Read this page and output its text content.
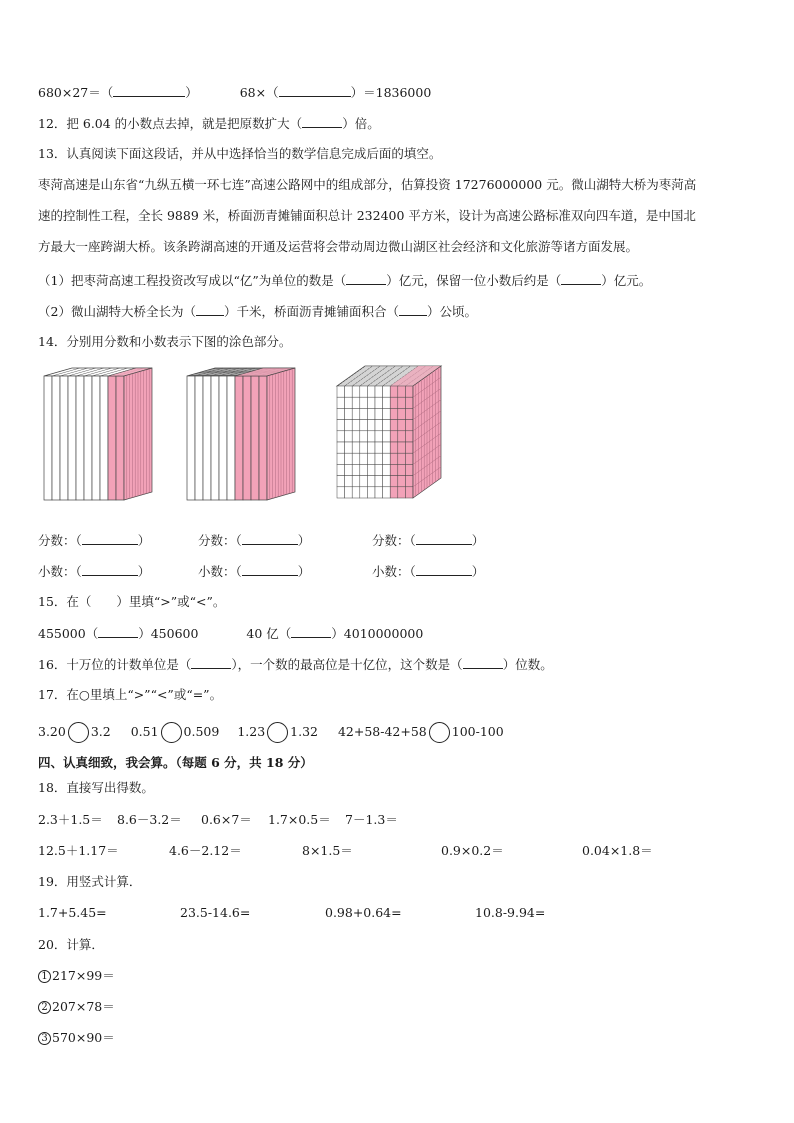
680×27＝（	）	68×（	）＝1836000
12．把 6.04 的小数点去掉，就是把原数扩大（	）倍。
13．认真阅读下面这段话，并从中选择恰当的数学信息完成后面的填空。
枣菏高速是山东省“九纵五横一环七连”高速公路网中的组成部分，估算投资 17276000000 元。微山湖特大桥为枣菏高
速的控制性工程，全长 9889 米，桥面沥青摊铺面积总计 232400 平方米，设计为高速公路标准双向四车道，是中国北
方最大一座跨湖大桥。该条跨湖高速的开通及运营将会带动周边微山湖区社会经济和文化旅游等诸方面发展。
（1）把枣菏高速工程投资改写成以“亿”为单位的数是（	）亿元，保留一位小数后约是（	）亿元。
（2）微山湖特大桥全长为（ ）千米，桥面沥青摊铺面积合（ ）公顷。
14．分别用分数和小数表示下图的涂色部分。
分数：（	）	分数：（	）	分数：（	）
小数：（	）	小数：（	）	小数：（	）
15．在（　　）里填“>”或“<”。
455000（	）450600	40 亿（	）4010000000
16．十万位的计数单位是（	），一个数的最高位是十亿位，这个数是（	）位数。
17．在○里填上“>”“<”或“=”。
3.20 3.2 0.51 0.509 1.23 1.32 42+58-42+58 100-100
四、认真细致，我会算。（每题 6 分，共 18 分）
18．直接写出得数。
2.3＋1.5＝ 8.6－3.2＝ 0.6×7＝ 1.7×0.5＝ 7－1.3＝
12.5＋1.17＝	4.6－2.12＝	8×1.5＝	0.9×0.2＝	0.04×1.8＝
19．用竖式计算．
1.7+5.45=	23.5-14.6=	0.98+0.64=	10.8-9.94=
20．计算．
1 217×99＝
2 207×78＝
3 570×90＝
